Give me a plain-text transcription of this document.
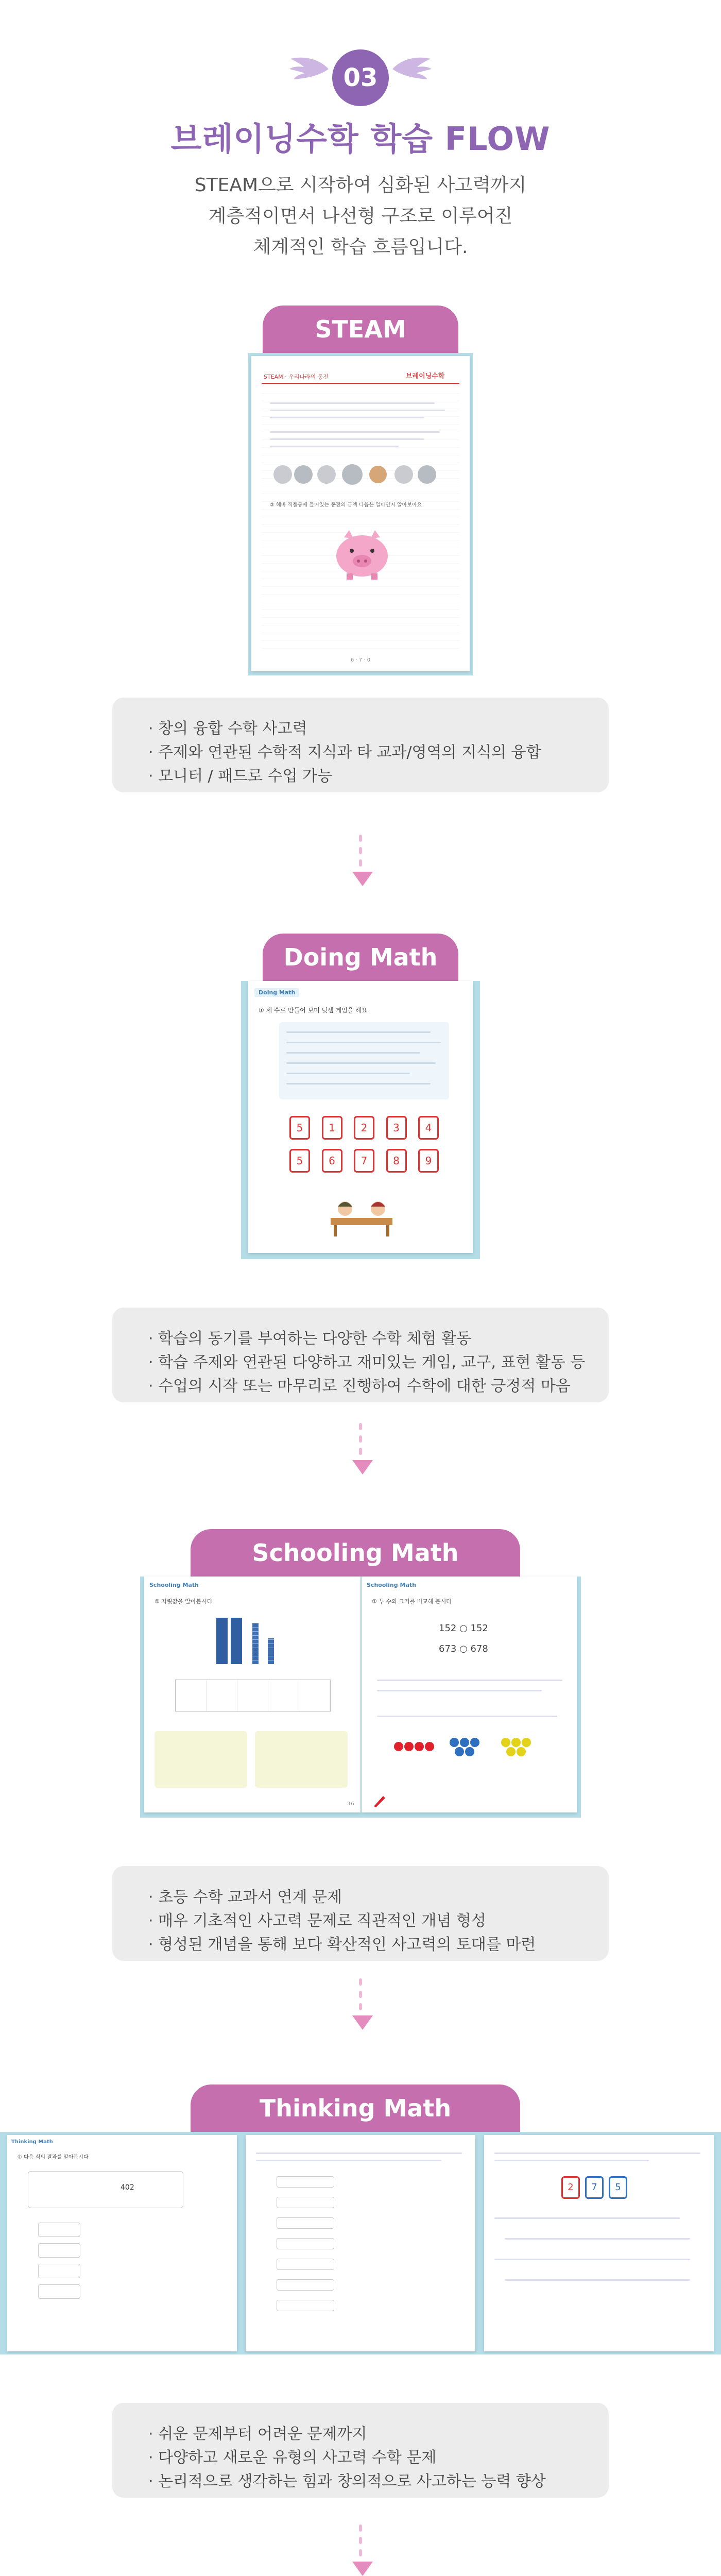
03
브레이닝수학 학습 FLOW
STEAM으로 시작하여 심화된 사고력까지
계층적이면서 나선형 구조로 이루어진
체계적인 학습 흐름입니다.
STEAM
STEAM · 우리나라의 동전	브레이닝수학
② 해바 직돌통에 들어있는 동전의 금액 다음은 얼마인지 알아보아요
6 · 7 · 0
· 창의 융합 수학 사고력
· 주제와 연관된 수학적 지식과 타 교과/영역의 지식의 융합
· 모니터 / 패드로 수업 가능
Doing Math
Doing Math
① 세 수로 만들어 보며 덧셈 게임을 해요
5	1	2	3	4
5	6	7	8	9
· 학습의 동기를 부여하는 다양한 수학 체험 활동
· 학습 주제와 연관된 다양하고 재미있는 게임, 교구, 표현 활동 등
· 수업의 시작 또는 마무리로 진행하여 수학에 대한 긍정적 마음
Schooling Math
Schooling Math
① 자릿값을 알아봅시다
16
Schooling Math
① 두 수의 크기를 비교해 봅시다
152 ○ 152
673 ○ 678
· 초등 수학 교과서 연계 문제
· 매우 기초적인 사고력 문제로 직관적인 개념 형성
· 형성된 개념을 통해 보다 확산적인 사고력의 토대를 마련
Thinking Math
Thinking Math
① 다음 식의 결과를 알아봅시다
402	2	7	5
· 쉬운 문제부터 어려운 문제까지
· 다양하고 새로운 유형의 사고력 수학 문제
· 논리적으로 생각하는 힘과 창의적으로 사고하는 능력 향상
